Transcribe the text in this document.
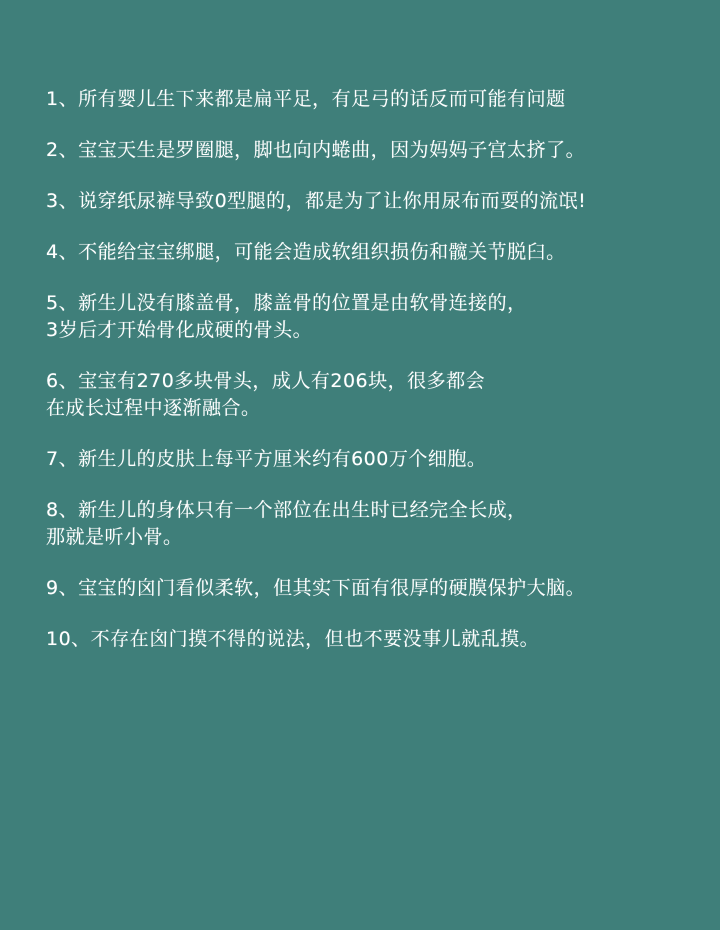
1、所有婴儿生下来都是扁平足，有足弓的话反而可能有问题
2、宝宝天生是罗圈腿，脚也向内蜷曲，因为妈妈子宫太挤了。
3、说穿纸尿裤导致0型腿的，都是为了让你用尿布而耍的流氓!
4、不能给宝宝绑腿，可能会造成软组织损伤和髋关节脱臼。
5、新生儿没有膝盖骨，膝盖骨的位置是由软骨连接的，
3岁后才开始骨化成硬的骨头。
6、宝宝有270多块骨头，成人有206块，很多都会
在成长过程中逐渐融合。
7、新生儿的皮肤上每平方厘米约有600万个细胞。
8、新生儿的身体只有一个部位在出生时已经完全长成，
那就是听小骨。
9、宝宝的囟门看似柔软，但其实下面有很厚的硬膜保护大脑。
10、不存在囟门摸不得的说法，但也不要没事儿就乱摸。
